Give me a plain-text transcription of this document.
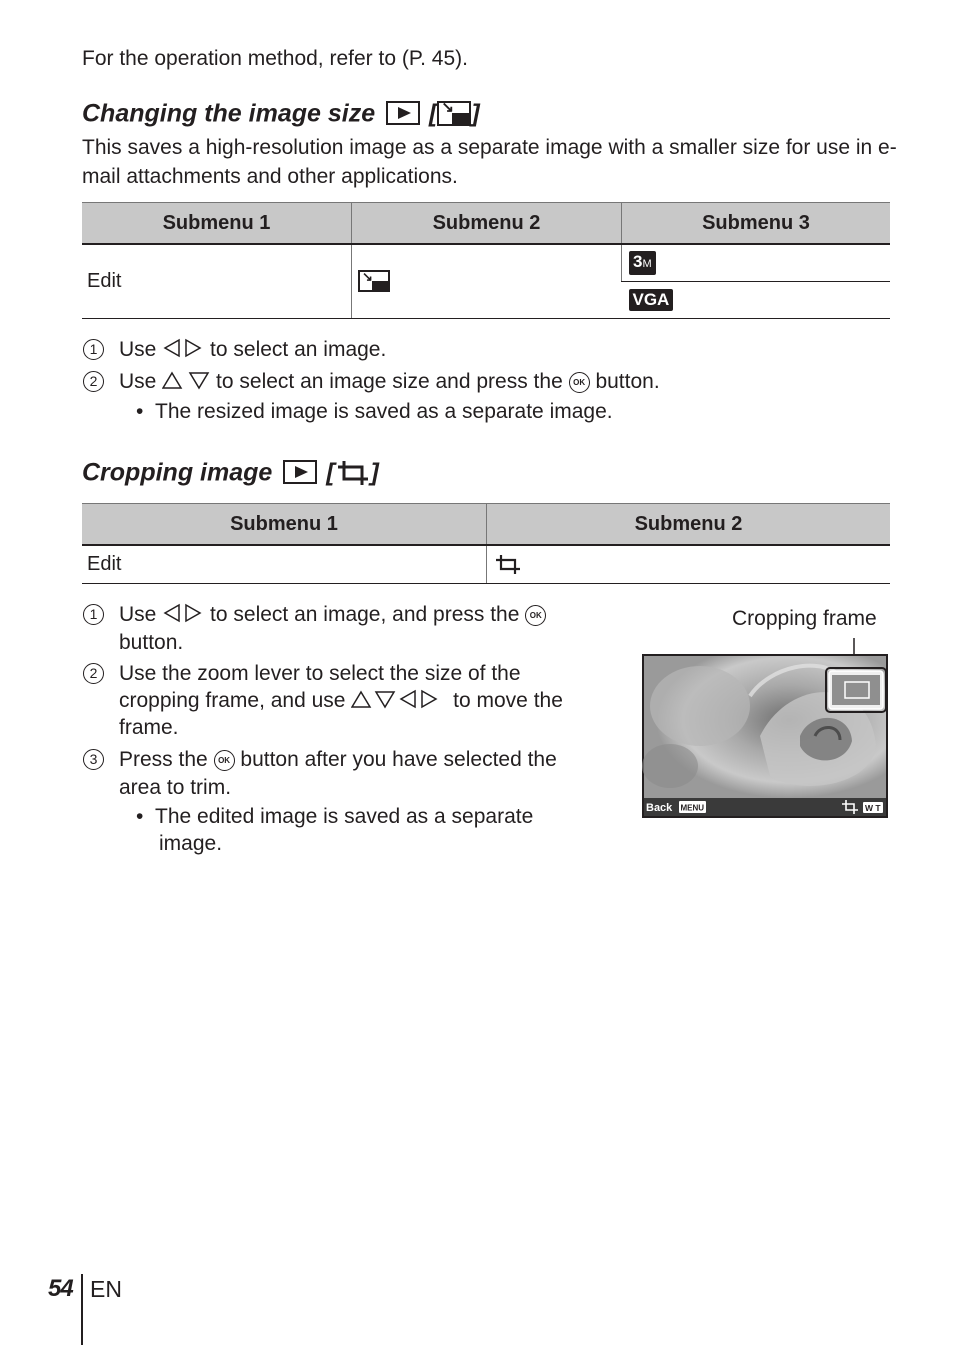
For the operation method, refer to (P. 45).
Changing the image size [ ↘ ]
This saves a high-resolution image as a separate image with a smaller size for use in e-mail attachments and other applications.
Submenu 1	Submenu 2	Submenu 3
Edit	↘	3M
		VGA
1	Use	to select an image.
2	Use	to select an image size and press the OK button.
•  The resized image is saved as a separate image.
Cropping image [ ]
Submenu 1	Submenu 2
Edit	
1	Use	to select an image, and press the OK
button.
2	Use the zoom lever to select the size of the
cropping frame, and use	to move the
frame.
3	Press the OK button after you have selected the
area to trim.
•  The edited image is saved as a separate
image.
Cropping frame
Back MENU	W T
54 EN
